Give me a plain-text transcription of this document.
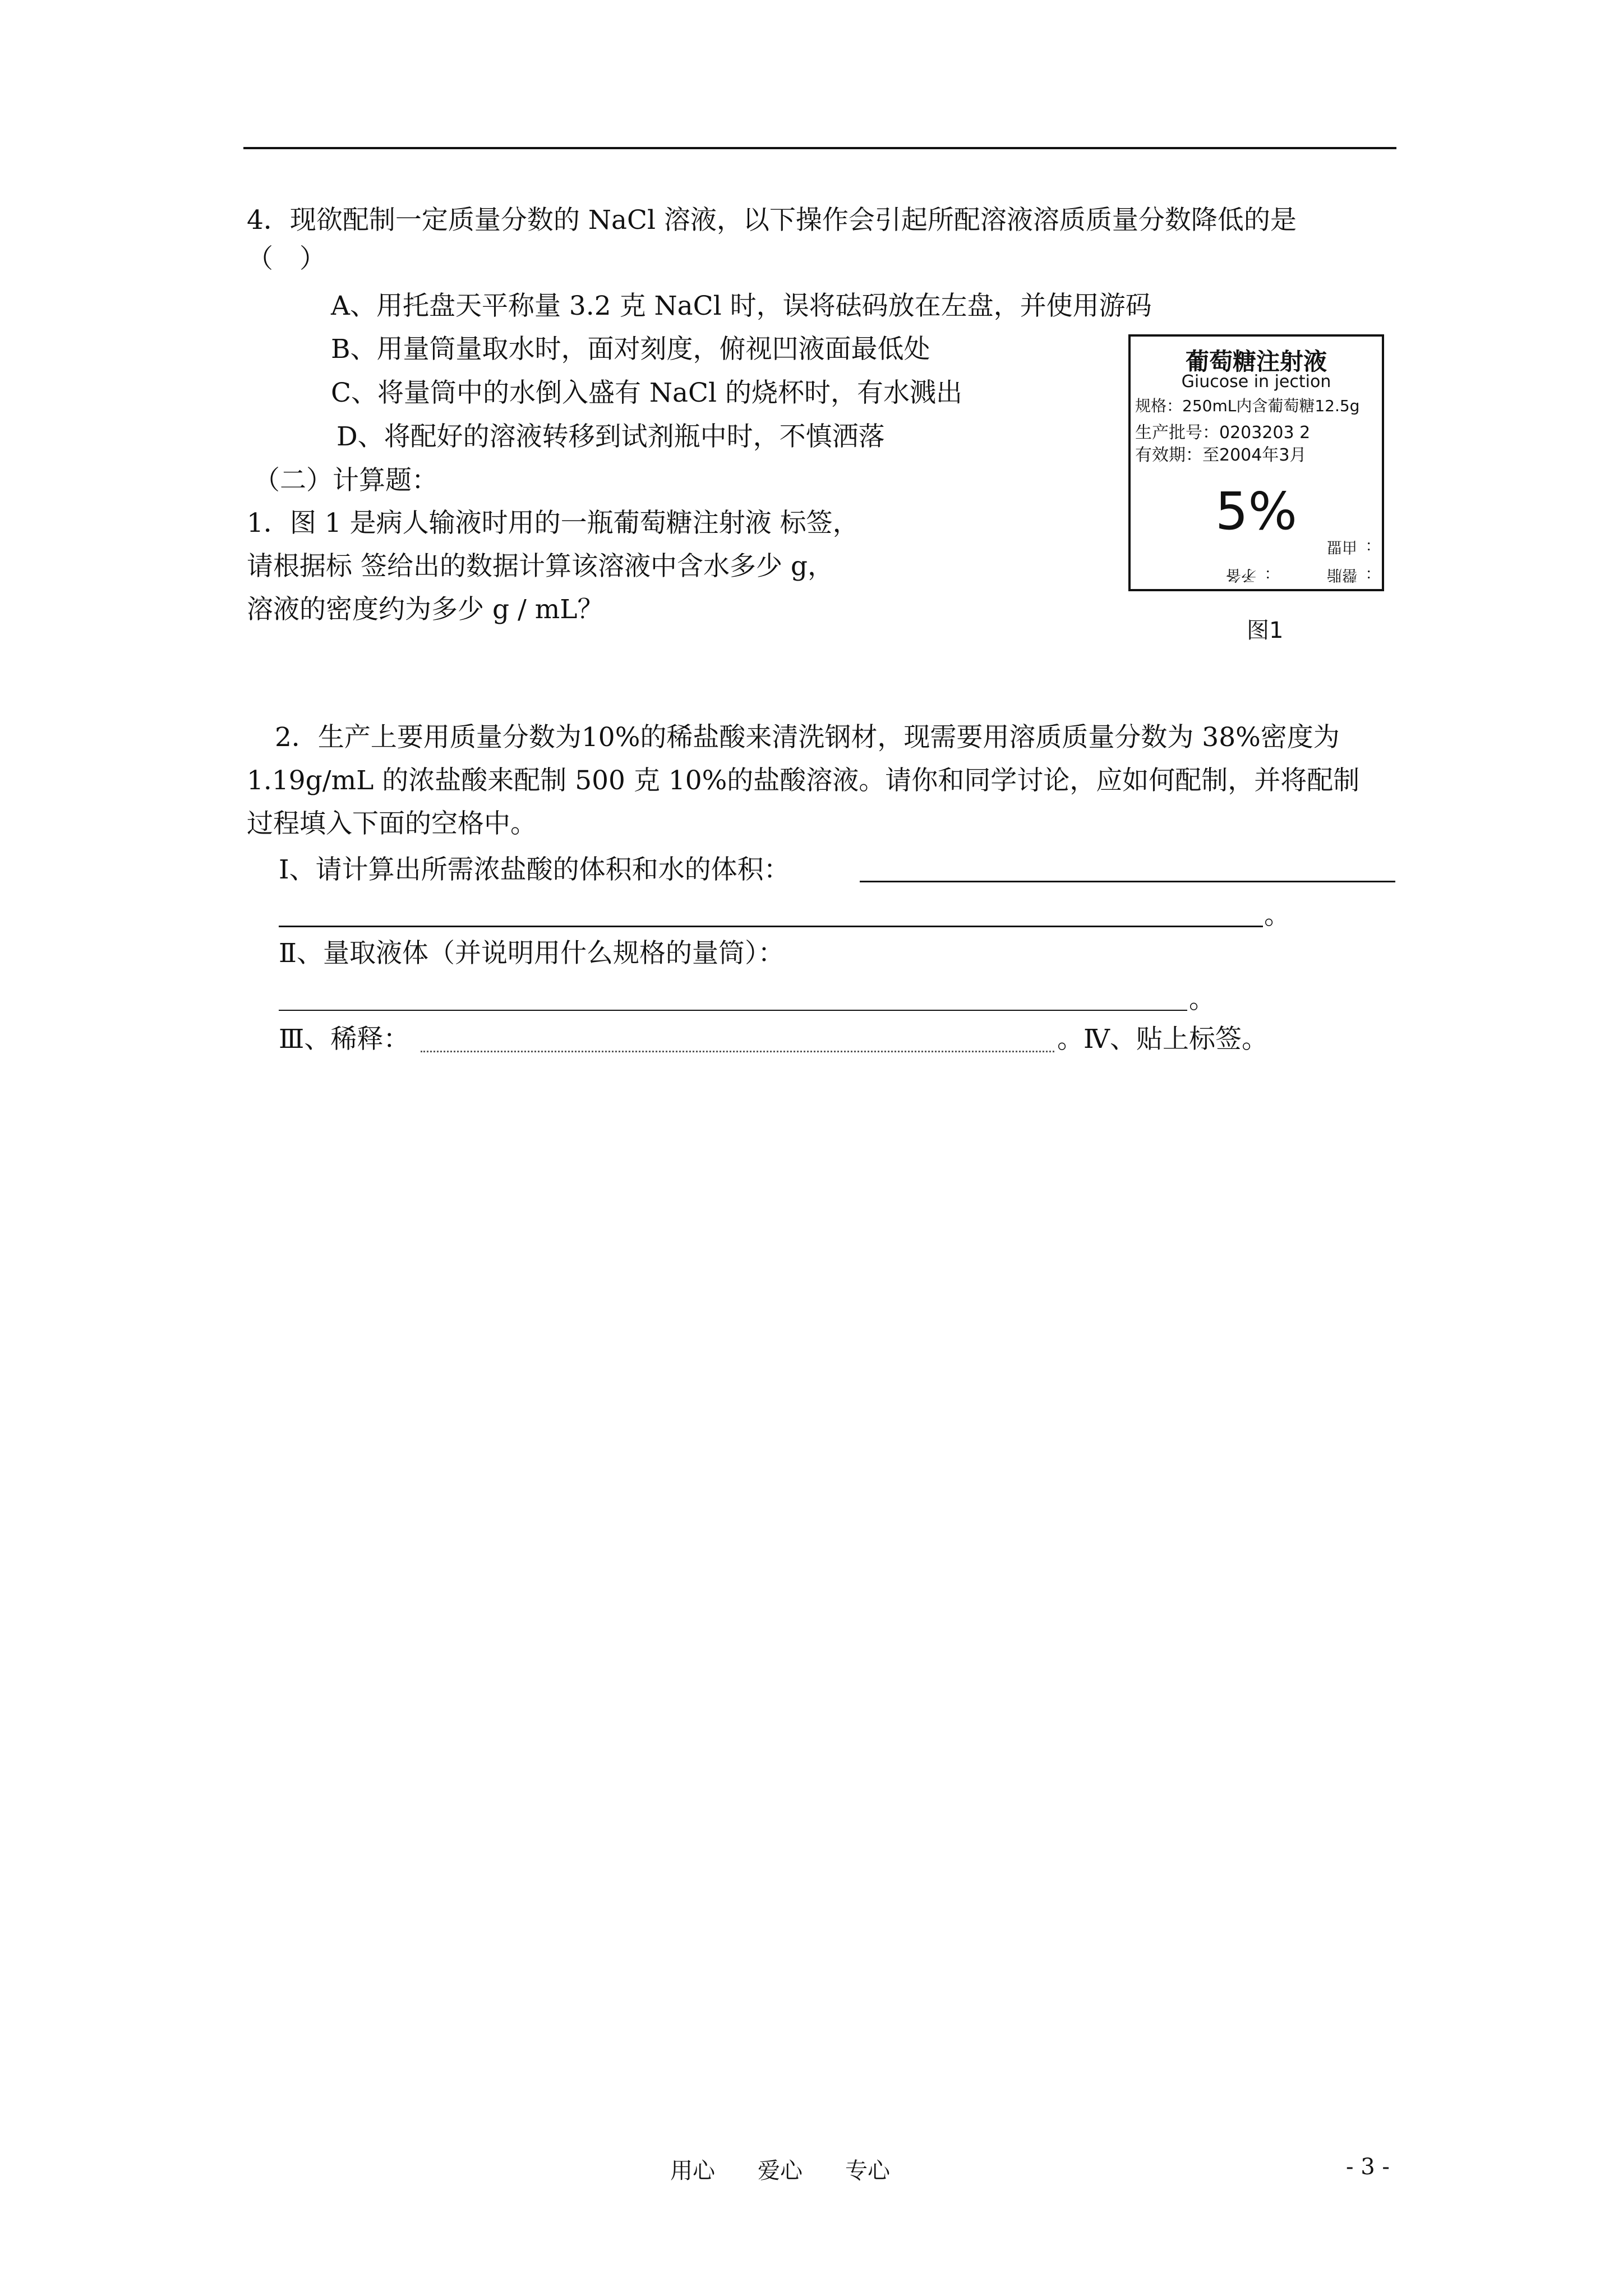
4．现欲配制一定质量分数的 NaCl 溶液，以下操作会引起所配溶液溶质质量分数降低的是
（　）
A、用托盘天平称量 3.2 克 NaCl 时，误将砝码放在左盘，并使用游码
B、用量筒量取水时，面对刻度，俯视凹液面最低处
C、将量筒中的水倒入盛有 NaCl 的烧杯时，有水溅出
D、将配好的溶液转移到试剂瓶中时，不慎洒落
（二）计算题：
1．图 1 是病人输液时用的一瓶葡萄糖注射液 标签，
请根据标 签给出的数据计算该溶液中含水多少 g，
溶液的密度约为多少 g / mL？
葡萄糖注射液
Giucose in jection
规格：250mL内含葡萄糖12.5g
生产批号：0203203 2
有效期：至2004年3月
5%
：由盟
：矛备	：罄脂
图1
2．生产上要用质量分数为10%的稀盐酸来清洗钢材，现需要用溶质质量分数为 38%密度为
1.19g/mL 的浓盐酸来配制 500 克 10%的盐酸溶液。请你和同学讨论，应如何配制，并将配制
过程填入下面的空格中。
Ⅰ、请计算出所需浓盐酸的体积和水的体积：
。
Ⅱ、量取液体（并说明用什么规格的量筒）：
。
Ⅲ、稀释：	。Ⅳ、贴上标签。
用心 爱心 专心	- 3 -
